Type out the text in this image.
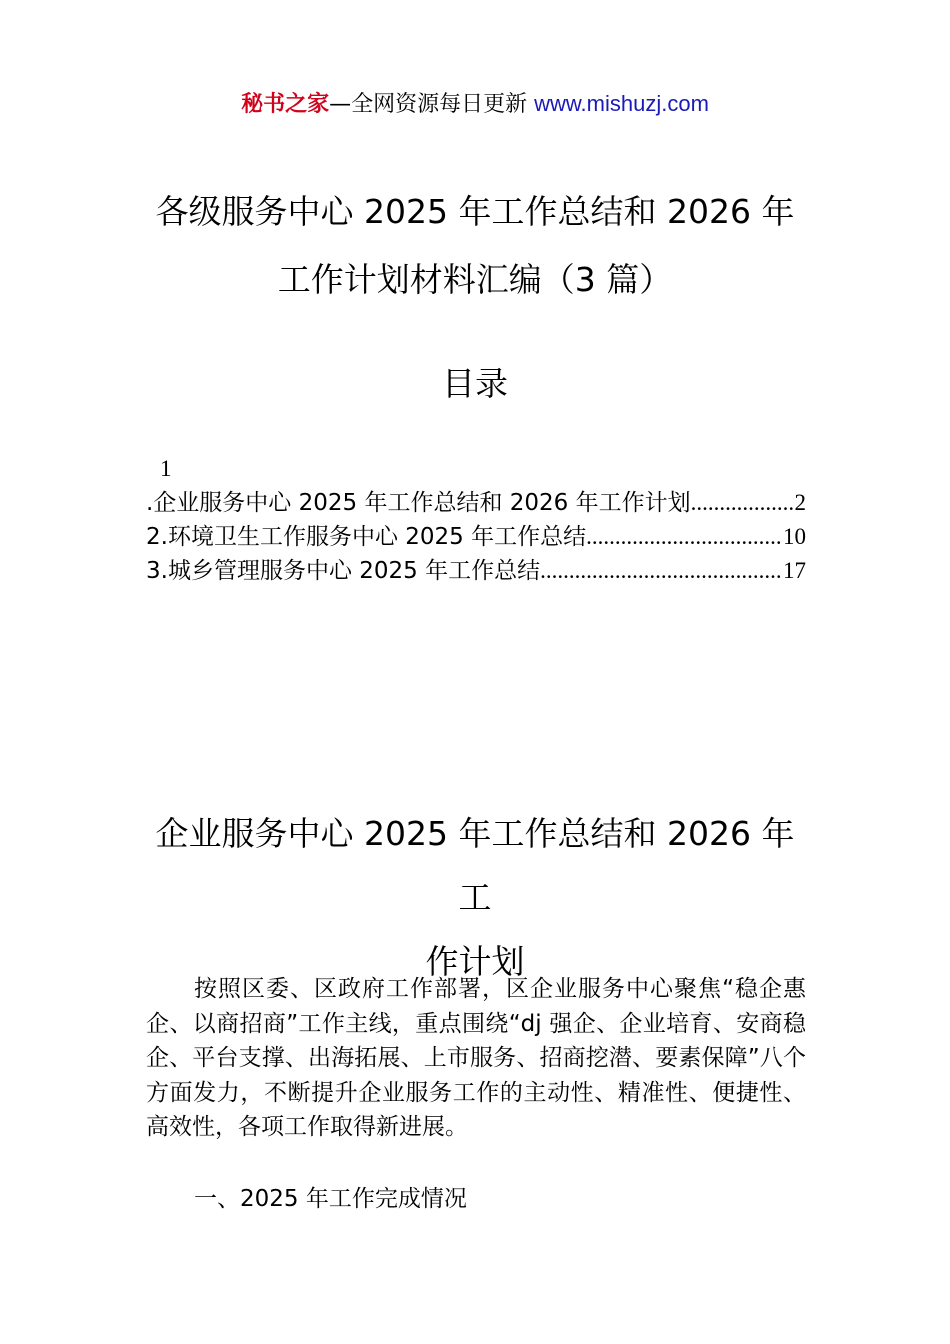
秘书之家—全网资源每日更新 www.mishuzj.com
各级服务中心 2025 年工作总结和 2026 年
工作计划材料汇编（3 篇）
目录
1
.企业服务中心 2025 年工作总结和 2026 年工作计划 .....	2
2.环境卫生工作服务中心 2025 年工作总结 .....	10
3.城乡管理服务中心 2025 年工作总结 .....	17
企业服务中心 2025 年工作总结和 2026 年工
作计划

按照区委、区政府工作部署，区企业服务中心聚焦“稳企惠企、以商招商”工作主线，重点围绕“dj 强企、企业培育、安商稳企、平台支撑、出海拓展、上市服务、招商挖潜、要素保障”八个方面发力，不断提升企业服务工作的主动性、精准性、便捷性、高效性，各项工作取得新进展。

一、2025 年工作完成情况
